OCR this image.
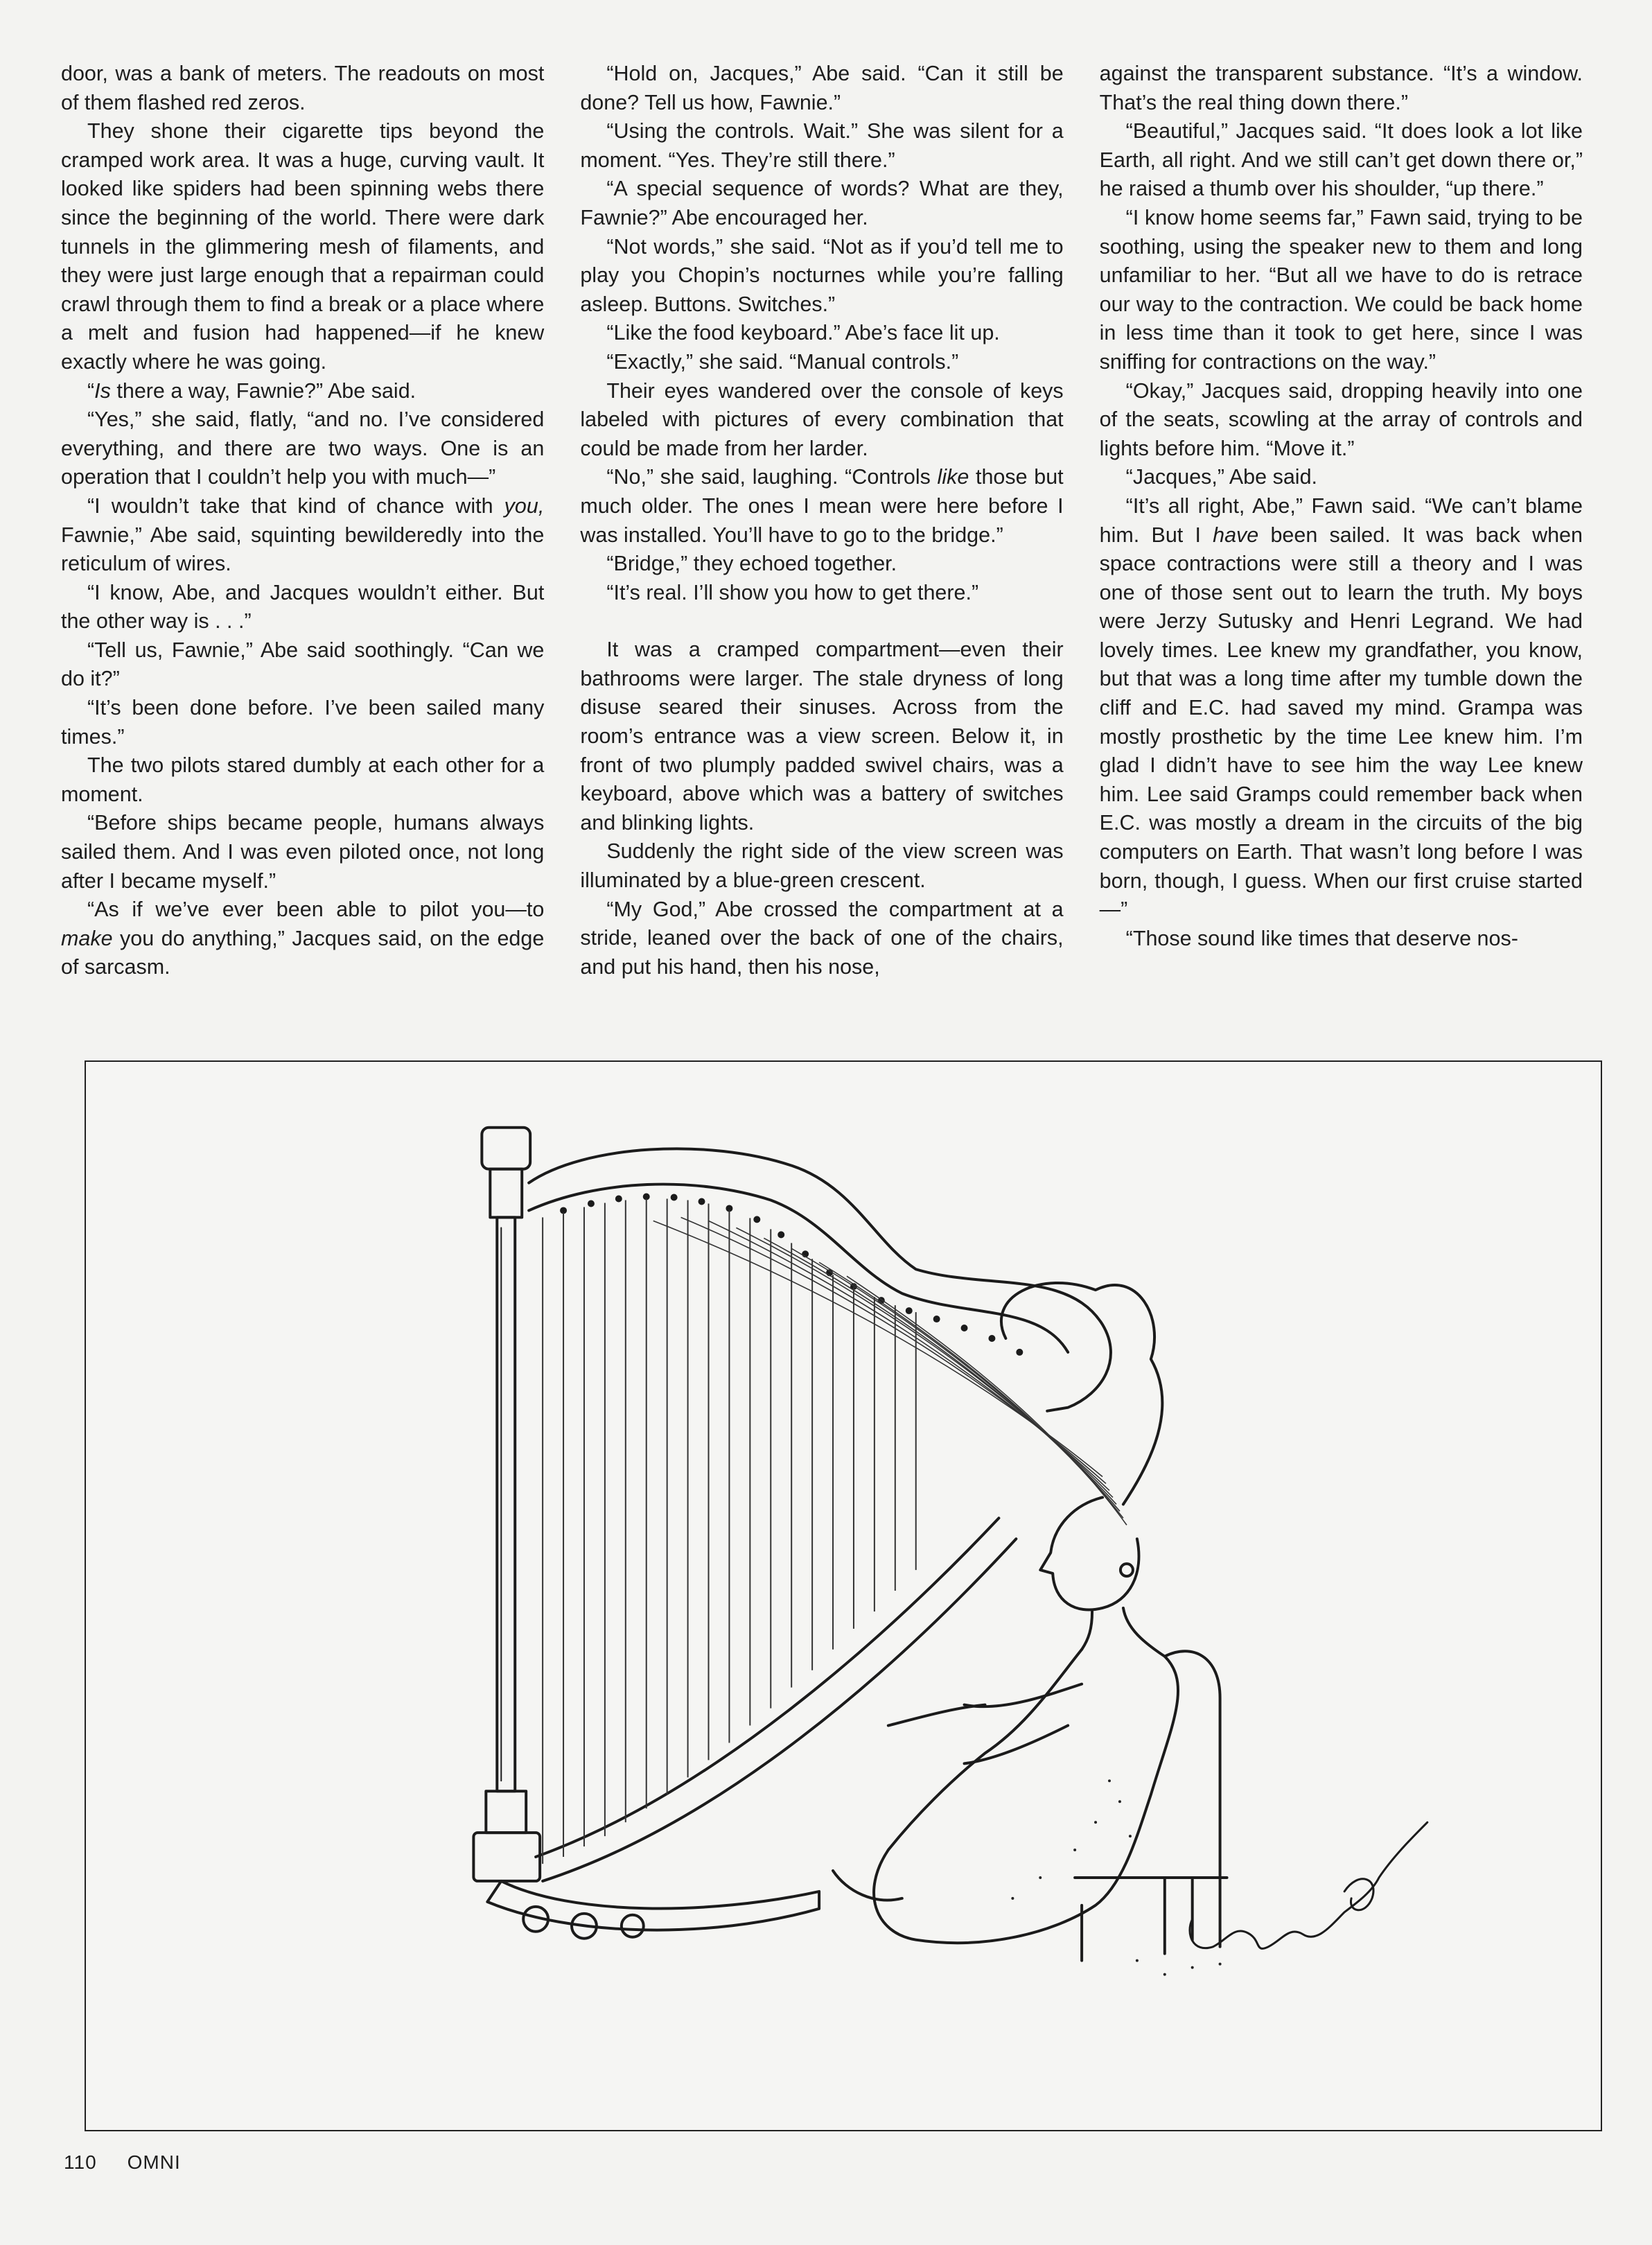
door, was a bank of meters. The readouts on most of them flashed red zeros.

They shone their cigarette tips beyond the cramped work area. It was a huge, curving vault. It looked like spiders had been spinning webs there since the beginning of the world. There were dark tunnels in the glimmering mesh of filaments, and they were just large enough that a repairman could crawl through them to find a break or a place where a melt and fusion had happened—if he knew exactly where he was going.

“Is there a way, Fawnie?” Abe said.

“Yes,” she said, flatly, “and no. I’ve considered everything, and there are two ways. One is an operation that I couldn’t help you with much—”

“I wouldn’t take that kind of chance with you, Fawnie,” Abe said, squinting bewilderedly into the reticulum of wires.

“I know, Abe, and Jacques wouldn’t either. But the other way is . . .”

“Tell us, Fawnie,” Abe said soothingly. “Can we do it?”

“It’s been done before. I’ve been sailed many times.”

The two pilots stared dumbly at each other for a moment.

“Before ships became people, humans always sailed them. And I was even piloted once, not long after I became myself.”

“As if we’ve ever been able to pilot you—to make you do anything,” Jacques said, on the edge of sarcasm.

“Hold on, Jacques,” Abe said. “Can it still be done? Tell us how, Fawnie.”

“Using the controls. Wait.” She was silent for a moment. “Yes. They’re still there.”

“A special sequence of words? What are they, Fawnie?” Abe encouraged her.

“Not words,” she said. “Not as if you’d tell me to play you Chopin’s nocturnes while you’re falling asleep. Buttons. Switches.”

“Like the food keyboard.” Abe’s face lit up.

“Exactly,” she said. “Manual controls.”

Their eyes wandered over the console of keys labeled with pictures of every combination that could be made from her larder.

“No,” she said, laughing. “Controls like those but much older. The ones I mean were here before I was installed. You’ll have to go to the bridge.”

“Bridge,” they echoed together.

“It’s real. I’ll show you how to get there.”

It was a cramped compartment—even their bathrooms were larger. The stale dryness of long disuse seared their sinuses. Across from the room’s entrance was a view screen. Below it, in front of two plumply padded swivel chairs, was a keyboard, above which was a battery of switches and blinking lights.

Suddenly the right side of the view screen was illuminated by a blue-green crescent.

“My God,” Abe crossed the compartment at a stride, leaned over the back of one of the chairs, and put his hand, then his nose,

against the transparent substance. “It’s a window. That’s the real thing down there.”

“Beautiful,” Jacques said. “It does look a lot like Earth, all right. And we still can’t get down there or,” he raised a thumb over his shoulder, “up there.”

“I know home seems far,” Fawn said, trying to be soothing, using the speaker new to them and long unfamiliar to her. “But all we have to do is retrace our way to the contraction. We could be back home in less time than it took to get here, since I was sniffing for contractions on the way.”

“Okay,” Jacques said, dropping heavily into one of the seats, scowling at the array of controls and lights before him. “Move it.”

“Jacques,” Abe said.

“It’s all right, Abe,” Fawn said. “We can’t blame him. But I have been sailed. It was back when space contractions were still a theory and I was one of those sent out to learn the truth. My boys were Jerzy Sutusky and Henri Legrand. We had lovely times. Lee knew my grandfather, you know, but that was a long time after my tumble down the cliff and E.C. had saved my mind. Grampa was mostly prosthetic by the time Lee knew him. I’m glad I didn’t have to see him the way Lee knew him. Lee said Gramps could remember back when E.C. was mostly a dream in the circuits of the big computers on Earth. That wasn’t long before I was born, though, I guess. When our first cruise started—”

“Those sound like times that deserve nos-

110 OMNI
